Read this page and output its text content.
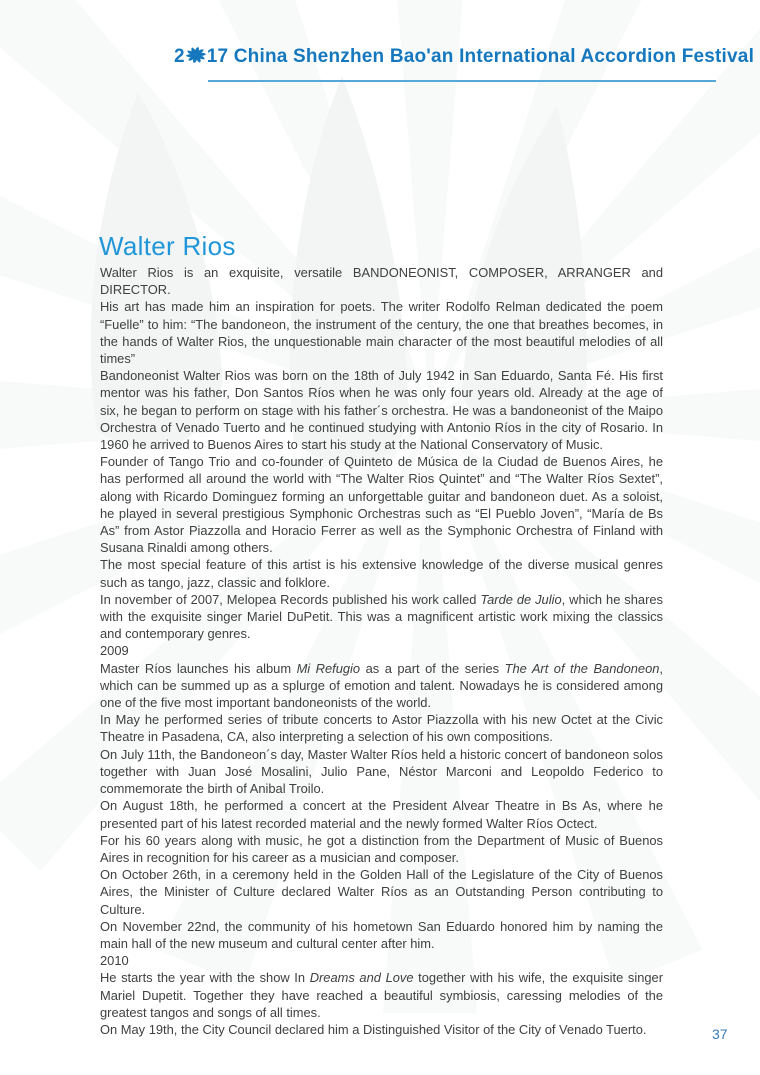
2 17 China Shenzhen Bao'an International Accordion Festival
Walter Rios

Walter Rios is an exquisite, versatile BANDONEONIST, COMPOSER, ARRANGER and DIRECTOR.

His art has made him an inspiration for poets. The writer Rodolfo Relman dedicated the poem “Fuelle” to him: “The bandoneon, the instrument of the century, the one that breathes becomes, in the hands of Walter Rios, the unquestionable main character of the most beautiful melodies of all times”

Bandoneonist Walter Rios was born on the 18th of July 1942 in San Eduardo, Santa Fé. His first mentor was his father, Don Santos Ríos when he was only four years old. Already at the age of six, he began to perform on stage with his father´s orchestra. He was a bandoneonist of the Maipo Orchestra of Venado Tuerto and he continued studying with Antonio Ríos in the city of Rosario. In 1960 he arrived to Buenos Aires to start his study at the National Conservatory of Music.

Founder of Tango Trio and co-founder of Quinteto de Música de la Ciudad de Buenos Aires, he has performed all around the world with “The Walter Rios Quintet” and “The Walter Ríos Sextet”, along with Ricardo Dominguez forming an unforgettable guitar and bandoneon duet. As a soloist, he played in several prestigious Symphonic Orchestras such as “El Pueblo Joven”, “María de Bs As” from Astor Piazzolla and Horacio Ferrer as well as the Symphonic Orchestra of Finland with Susana Rinaldi among others.

The most special feature of this artist is his extensive knowledge of the diverse musical genres such as tango, jazz, classic and folklore.

In november of 2007, Melopea Records published his work called Tarde de Julio, which he shares with the exquisite singer Mariel DuPetit. This was a magnificent artistic work mixing the classics and contemporary genres.

2009

Master Ríos launches his album Mi Refugio as a part of the series The Art of the Bandoneon, which can be summed up as a splurge of emotion and talent. Nowadays he is considered among one of the five most important bandoneonists of the world.

In May he performed series of tribute concerts to Astor Piazzolla with his new Octet at the Civic Theatre in Pasadena, CA, also interpreting a selection of his own compositions.

On July 11th, the Bandoneon´s day, Master Walter Ríos held a historic concert of bandoneon solos together with Juan José Mosalini, Julio Pane, Néstor Marconi and Leopoldo Federico to commemorate the birth of Anibal Troilo.

On August 18th, he performed a concert at the President Alvear Theatre in Bs As, where he presented part of his latest recorded material and the newly formed Walter Ríos Octect.

For his 60 years along with music, he got a distinction from the Department of Music of Buenos Aires in recognition for his career as a musician and composer.

On October 26th, in a ceremony held in the Golden Hall of the Legislature of the City of Buenos Aires, the Minister of Culture declared Walter Ríos as an Outstanding Person contributing to Culture.

On November 22nd, the community of his hometown San Eduardo honored him by naming the main hall of the new museum and cultural center after him.

2010

He starts the year with the show In Dreams and Love together with his wife, the exquisite singer Mariel Dupetit. Together they have reached a beautiful symbiosis, caressing melodies of the greatest tangos and songs of all times.

On May 19th, the City Council declared him a Distinguished Visitor of the City of Venado Tuerto.	37
